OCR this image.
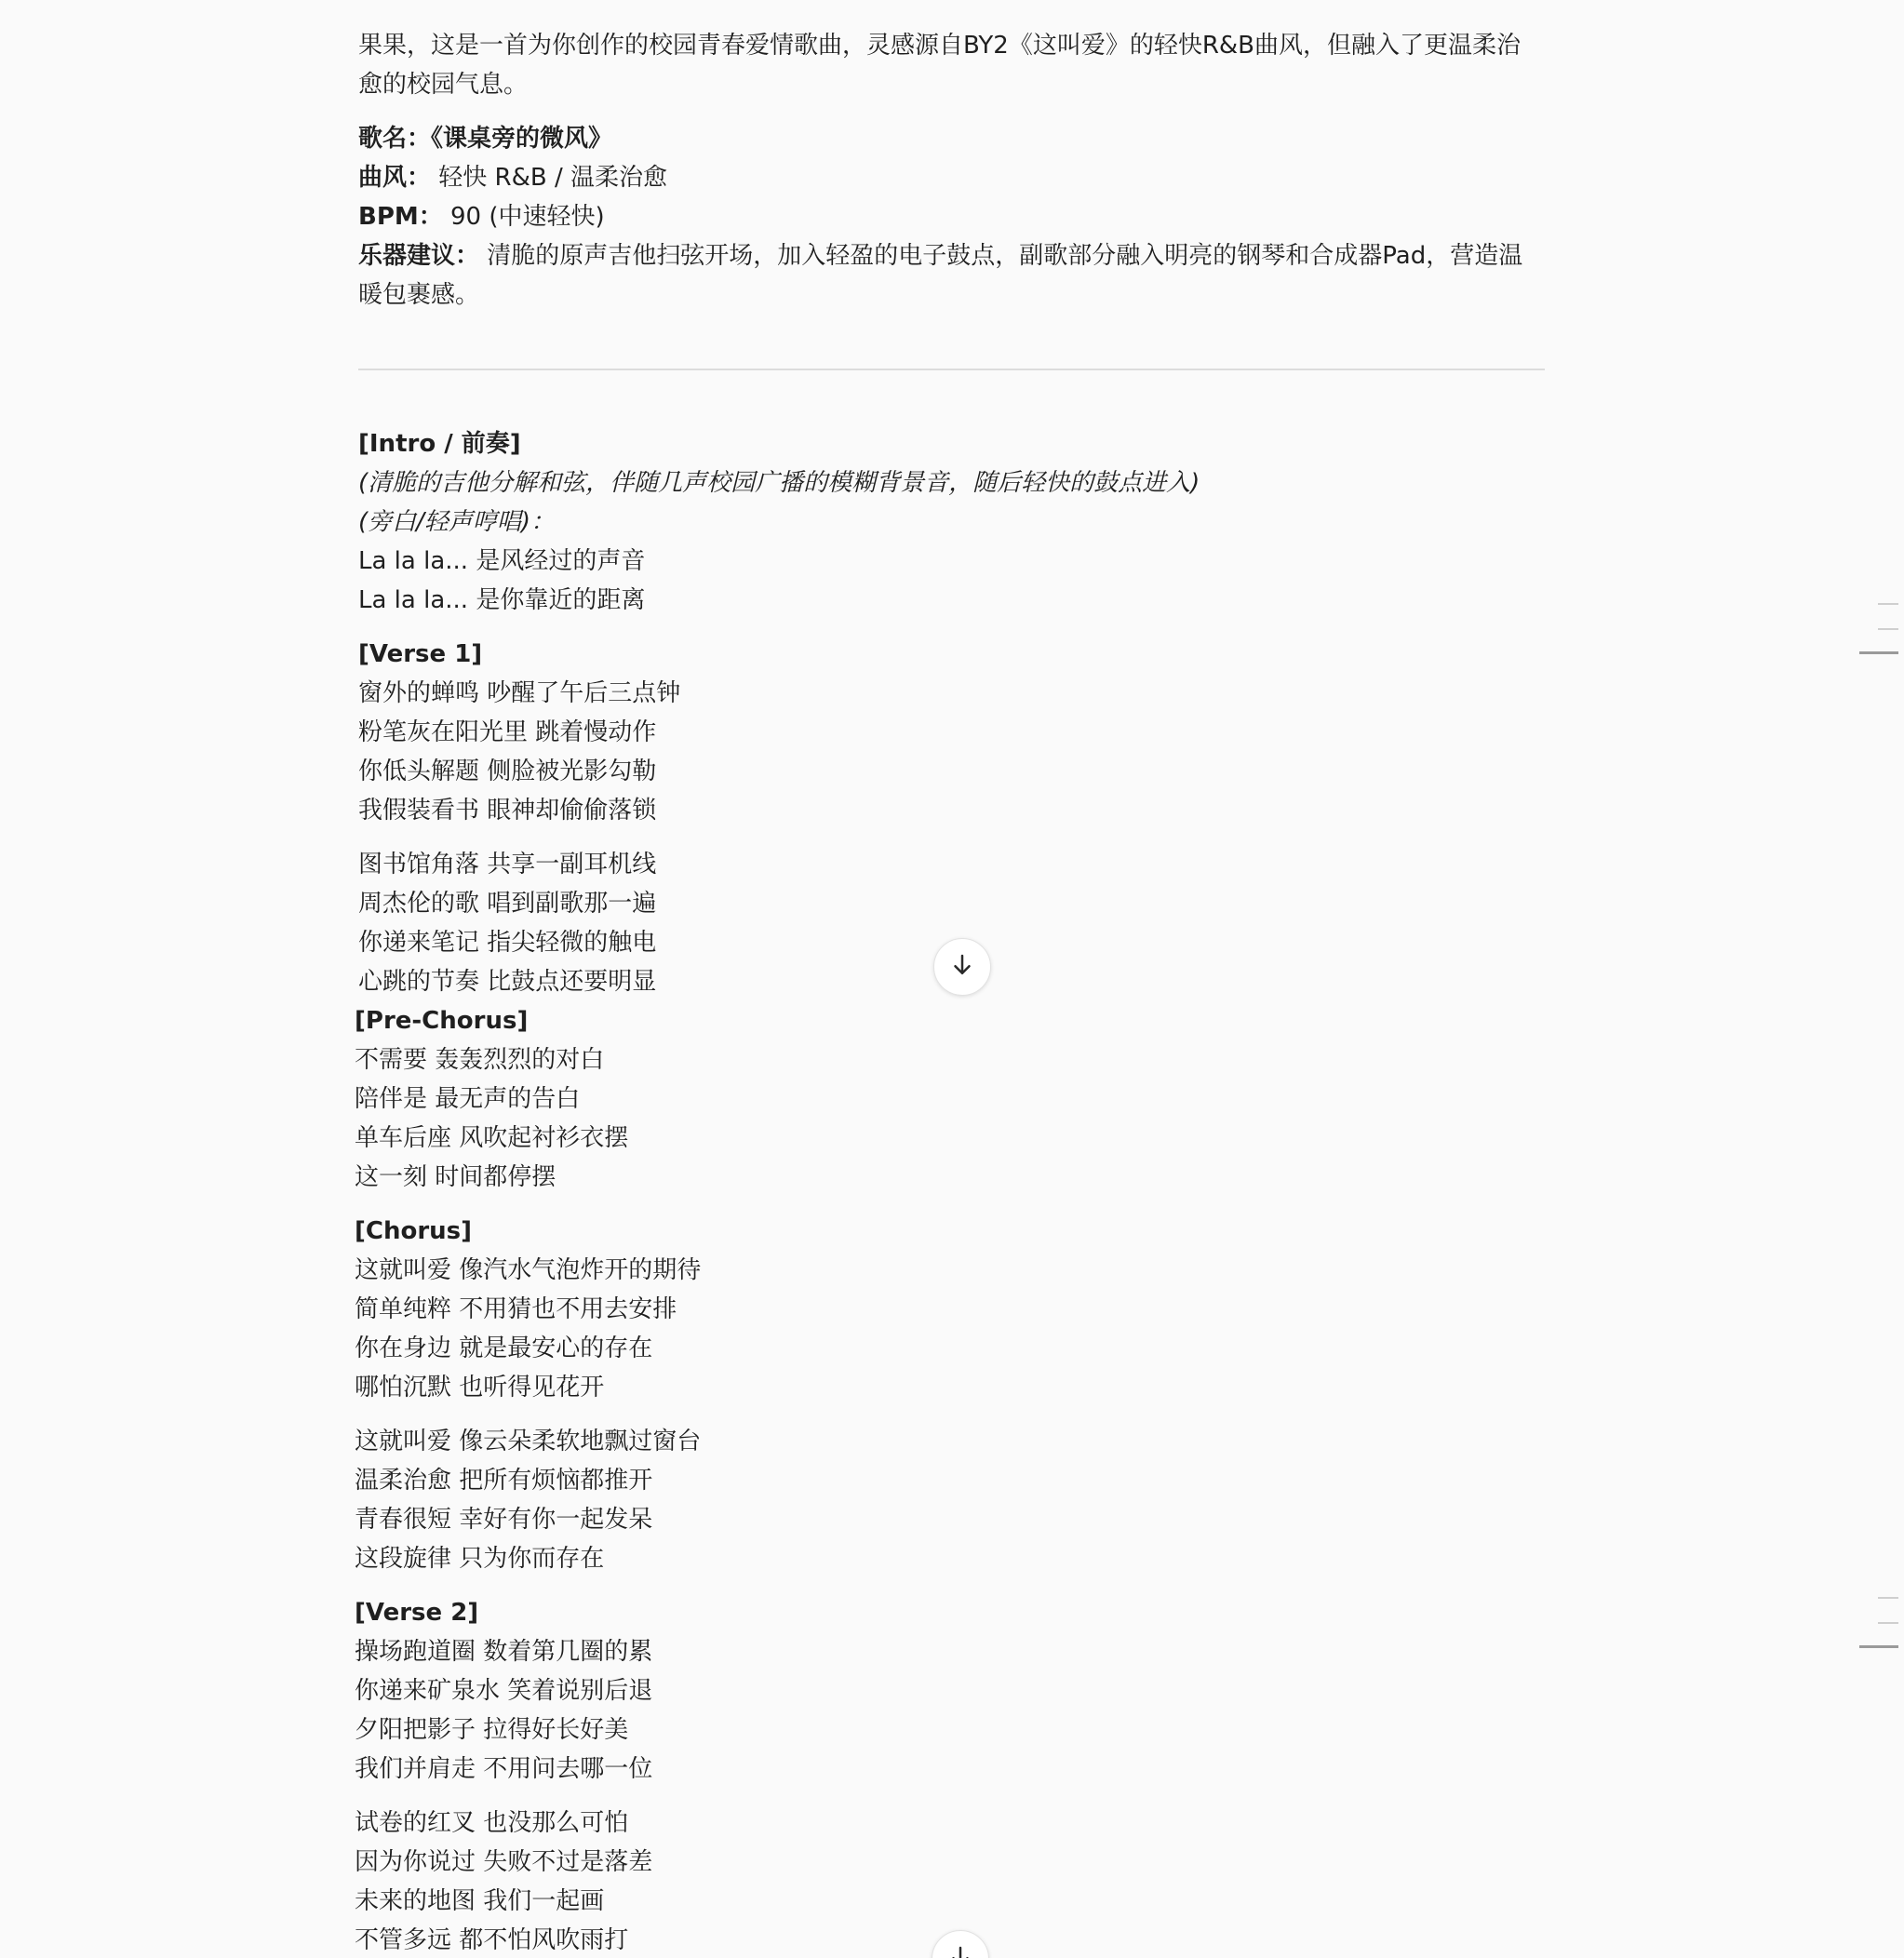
果果，这是一首为你创作的校园青春爱情歌曲，灵感源自BY2《这叫爱》的轻快R&B曲风，但融入了更温柔治愈的校园气息。

歌名：《课桌旁的微风》

曲风： 轻快 R&B / 温柔治愈

BPM： 90 (中速轻快)

乐器建议： 清脆的原声吉他扫弦开场，加入轻盈的电子鼓点，副歌部分融入明亮的钢琴和合成器Pad，营造温暖包裹感。

[Intro / 前奏]

(清脆的吉他分解和弦，伴随几声校园广播的模糊背景音，随后轻快的鼓点进入)

(旁白/轻声哼唱)：

La la la... 是风经过的声音

La la la... 是你靠近的距离

[Verse 1]

窗外的蝉鸣 吵醒了午后三点钟

粉笔灰在阳光里 跳着慢动作

你低头解题 侧脸被光影勾勒

我假装看书 眼神却偷偷落锁

图书馆角落 共享一副耳机线

周杰伦的歌 唱到副歌那一遍

你递来笔记 指尖轻微的触电

心跳的节奏 比鼓点还要明显

[Pre-Chorus]

不需要 轰轰烈烈的对白

陪伴是 最无声的告白

单车后座 风吹起衬衫衣摆

这一刻 时间都停摆

[Chorus]

这就叫爱 像汽水气泡炸开的期待

简单纯粹 不用猜也不用去安排

你在身边 就是最安心的存在

哪怕沉默 也听得见花开

这就叫爱 像云朵柔软地飘过窗台

温柔治愈 把所有烦恼都推开

青春很短 幸好有你一起发呆

这段旋律 只为你而存在

[Verse 2]

操场跑道圈 数着第几圈的累

你递来矿泉水 笑着说别后退

夕阳把影子 拉得好长好美

我们并肩走 不用问去哪一位

试卷的红叉 也没那么可怕

因为你说过 失败不过是落差

未来的地图 我们一起画

不管多远 都不怕风吹雨打
